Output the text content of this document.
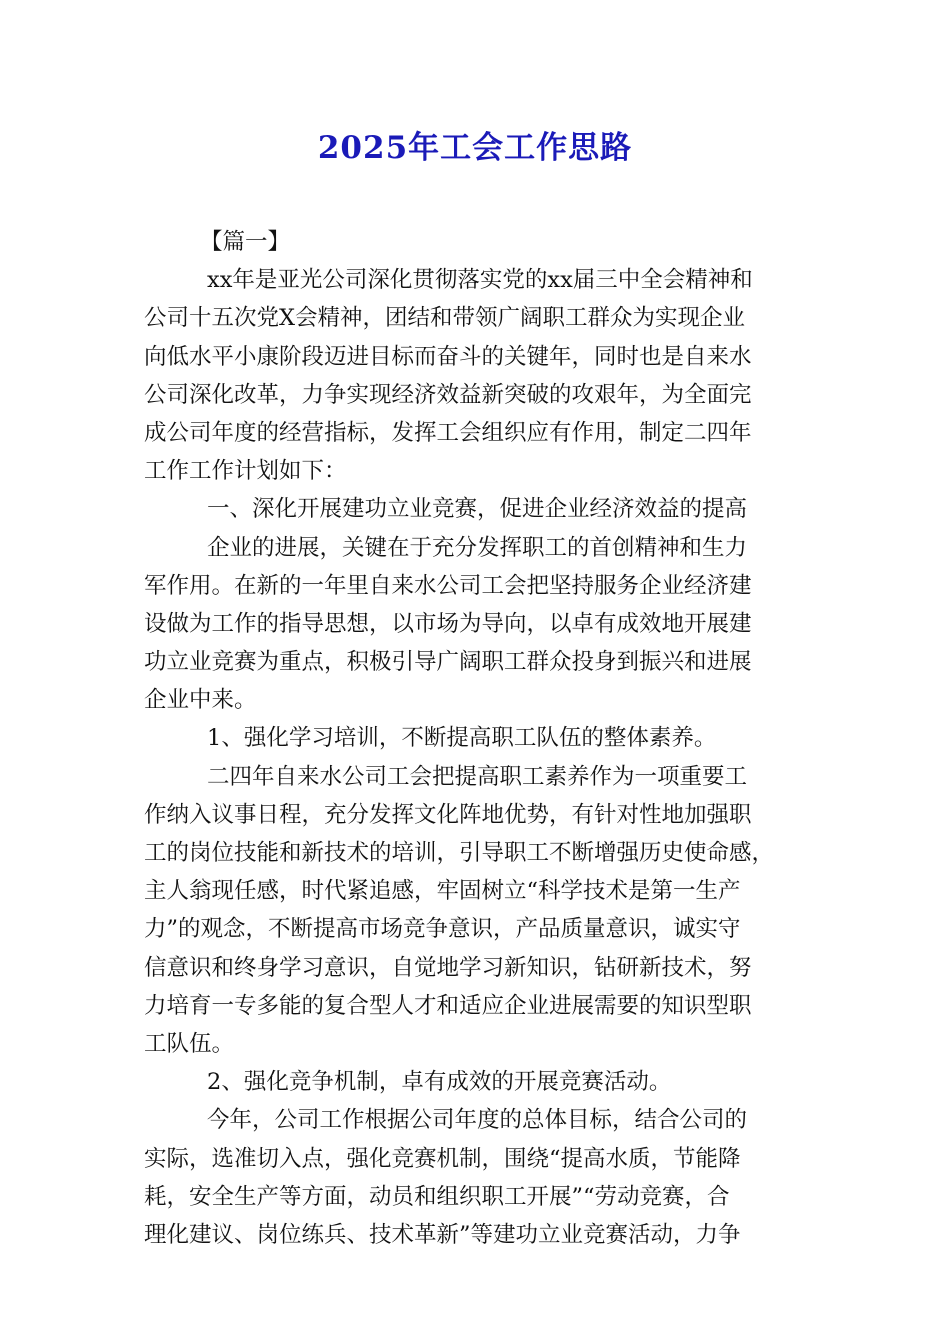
2025年工会工作思路
【篇一】
xx年是亚光公司深化贯彻落实党的xx届三中全会精神和
公司十五次党X会精神，团结和带领广阔职工群众为实现企业
向低水平小康阶段迈进目标而奋斗的关键年，同时也是自来水
公司深化改革，力争实现经济效益新突破的攻艰年，为全面完
成公司年度的经营指标，发挥工会组织应有作用，制定二四年
工作工作计划如下：
一、深化开展建功立业竞赛，促进企业经济效益的提高
企业的进展，关键在于充分发挥职工的首创精神和生力
军作用。在新的一年里自来水公司工会把坚持服务企业经济建
设做为工作的指导思想，以市场为导向，以卓有成效地开展建
功立业竞赛为重点，积极引导广阔职工群众投身到振兴和进展
企业中来。
1、强化学习培训，不断提高职工队伍的整体素养。
二四年自来水公司工会把提高职工素养作为一项重要工
作纳入议事日程，充分发挥文化阵地优势，有针对性地加强职
工的岗位技能和新技术的培训，引导职工不断增强历史使命感，
主人翁现任感，时代紧追感，牢固树立“科学技术是第一生产
力”的观念，不断提高市场竞争意识，产品质量意识，诚实守
信意识和终身学习意识，自觉地学习新知识，钻研新技术，努
力培育一专多能的复合型人才和适应企业进展需要的知识型职
工队伍。
2、强化竞争机制，卓有成效的开展竞赛活动。
今年，公司工作根据公司年度的总体目标，结合公司的
实际，选准切入点，强化竞赛机制，围绕“提高水质，节能降
耗，安全生产等方面，动员和组织职工开展”“劳动竞赛，合
理化建议、岗位练兵、技术革新”等建功立业竞赛活动，力争
